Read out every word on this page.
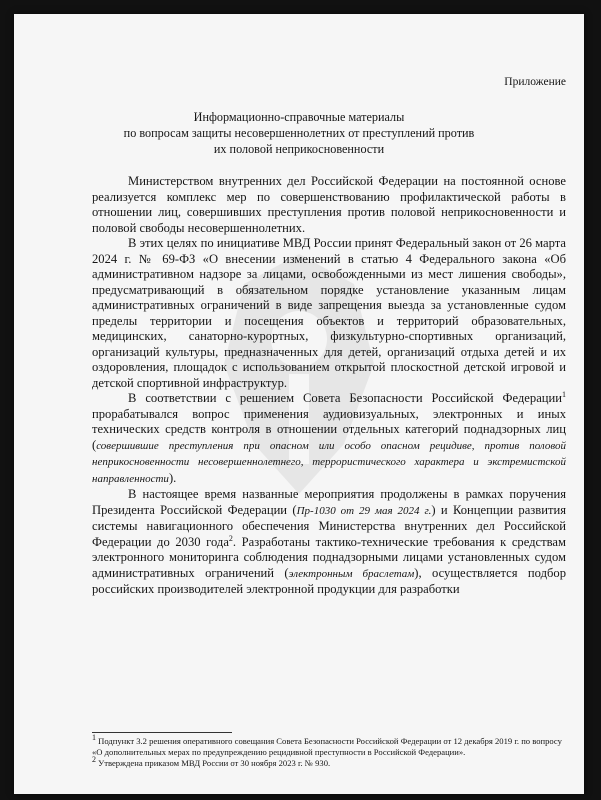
Приложение
Информационно-справочные материалы
по вопросам защиты несовершеннолетних от преступлений против
их половой неприкосновенности

Министерством внутренних дел Российской Федерации на постоянной основе реализуется комплекс мер по совершенствованию профилактической работы в отношении лиц, совершивших преступления против половой неприкосновенности и половой свободы несовершеннолетних.

В этих целях по инициативе МВД России принят Федеральный закон от 26 марта 2024 г. № 69-ФЗ «О внесении изменений в статью 4 Федерального закона «Об административном надзоре за лицами, освобожденными из мест лишения свободы», предусматривающий в обязательном порядке установление указанным лицам административных ограничений в виде запрещения выезда за установленные судом пределы территории и посещения объектов и территорий образовательных, медицинских, санаторно-курортных, физкультурно-спортивных организаций, организаций культуры, предназначенных для детей, организаций отдыха детей и их оздоровления, площадок с использованием открытой плоскостной детской игровой и детской спортивной инфраструктур.

В соответствии с решением Совета Безопасности Российской Федерации$^1$ прорабатывался вопрос применения аудиовизуальных, электронных и иных технических средств контроля в отношении отдельных категорий поднадзорных лиц (совершившие преступления при опасном или особо опасном рецидиве, против половой неприкосновенности несовершеннолетнего, террористического характера и экстремистской направленности).

В настоящее время названные мероприятия продолжены в рамках поручения Президента Российской Федерации (Пр-1030 от 29 мая 2024 г.) и Концепции развития системы навигационного обеспечения Министерства внутренних дел Российской Федерации до 2030 года$^2$. Разработаны тактико-технические требования к средствам электронного мониторинга соблюдения поднадзорными лицами установленных судом административных ограничений (электронным браслетам), осуществляется подбор российских производителей электронной продукции для разработки

1 Подпункт 3.2 решения оперативного совещания Совета Безопасности Российской Федерации от 12 декабря 2019 г. по вопросу «О дополнительных мерах по предупреждению рецидивной преступности в Российской Федерации».
2 Утверждена приказом МВД России от 30 ноября 2023 г. № 930.
